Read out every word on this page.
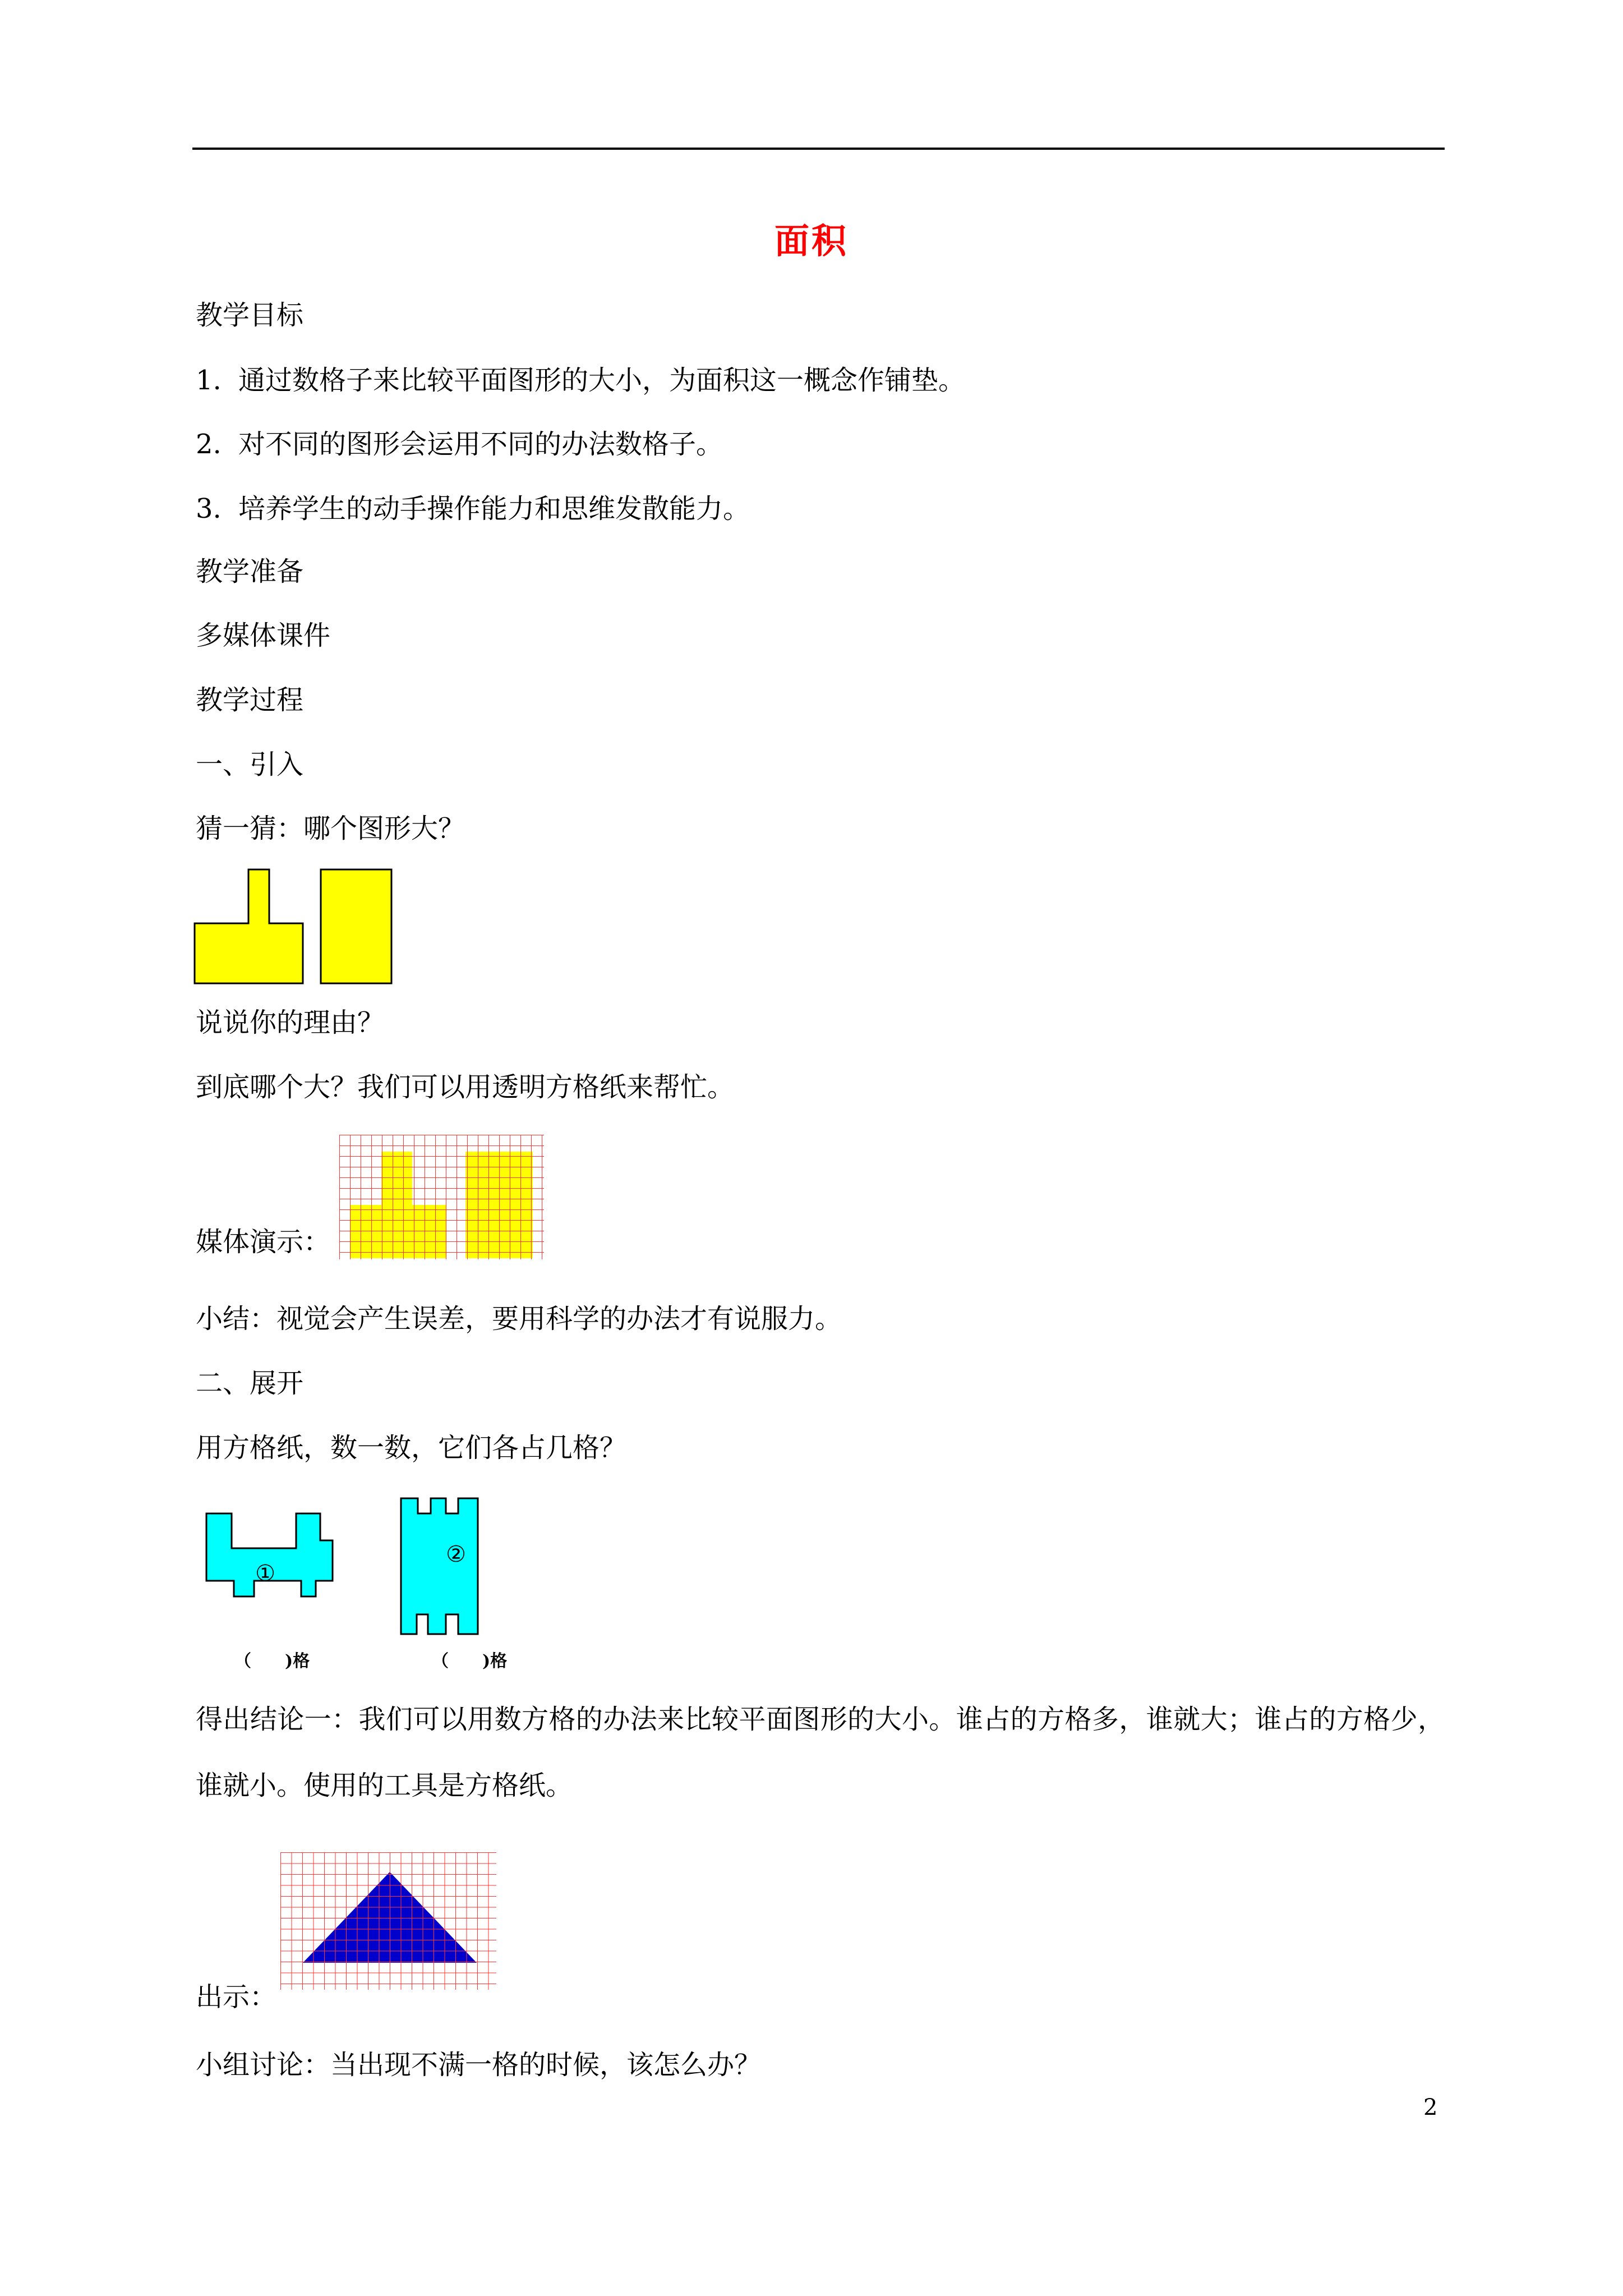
面积
教学目标
1. 通过数格子来比较平面图形的大小，为面积这一概念作铺垫。
2. 对不同的图形会运用不同的办法数格子。
3. 培养学生的动手操作能力和思维发散能力。
教学准备
多媒体课件
教学过程
一、引入
猜一猜：哪个图形大？
说说你的理由？
到底哪个大？我们可以用透明方格纸来帮忙。
媒体演示：
小结：视觉会产生误差，要用科学的办法才有说服力。
二、展开
用方格纸，数一数，它们各占几格？
①
②
（　　)格	（　　)格
得出结论一：我们可以用数方格的办法来比较平面图形的大小。谁占的方格多，谁就大；谁占的方格少，谁就小。使用的工具是方格纸。
出示：
小组讨论：当出现不满一格的时候，该怎么办？
2
